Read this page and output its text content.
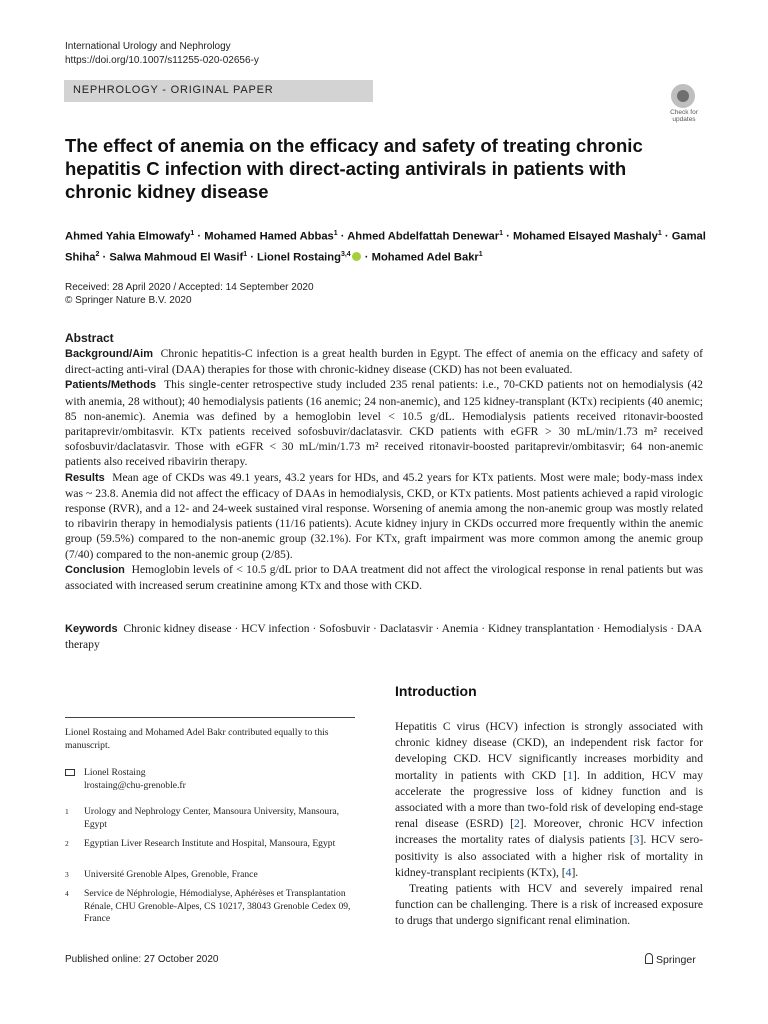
International Urology and Nephrology
https://doi.org/10.1007/s11255-020-02656-y
NEPHROLOGY - ORIGINAL PAPER
Check for
updates
The effect of anemia on the efficacy and safety of treating chronic hepatitis C infection with direct-acting antivirals in patients with chronic kidney disease
Ahmed Yahia Elmowafy$^1$ · Mohamed Hamed Abbas$^1$ · Ahmed Abdelfattah Denewar$^1$ · Mohamed Elsayed Mashaly$^1$ · Gamal Shiha$^2$ · Salwa Mahmoud El Wasif$^1$ · Lionel Rostaing$^{3,4}$ · Mohamed Adel Bakr$^1$
Received: 28 April 2020 / Accepted: 14 September 2020
© Springer Nature B.V. 2020
Abstract

Background/Aim Chronic hepatitis-C infection is a great health burden in Egypt. The effect of anemia on the efficacy and safety of direct-acting anti-viral (DAA) therapies for those with chronic-kidney disease (CKD) has not been evaluated.

Patients/Methods This single-center retrospective study included 235 renal patients: i.e., 70-CKD patients not on hemodialysis (42 with anemia, 28 without); 40 hemodialysis patients (16 anemic; 24 non-anemic), and 125 kidney-transplant (KTx) recipients (40 anemic; 85 non-anemic). Anemia was defined by a hemoglobin level < 10.5 g/dL. Hemodialysis patients received ritonavir-boosted paritaprevir/ombitasvir. KTx patients received sofosbuvir/daclatasvir. CKD patients with eGFR > 30 mL/min/1.73 m² received sofosbuvir/daclatasvir. Those with eGFR < 30 mL/min/1.73 m² received ritonavir-boosted paritaprevir/ombitasvir; 64 non-anemic patients also received ribavirin therapy.

Results Mean age of CKDs was 49.1 years, 43.2 years for HDs, and 45.2 years for KTx patients. Most were male; body-mass index was ~ 23.8. Anemia did not affect the efficacy of DAAs in hemodialysis, CKD, or KTx patients. Most patients achieved a rapid virologic response (RVR), and a 12- and 24-week sustained viral response. Worsening of anemia among the non-anemic group was mostly related to ribavirin therapy in hemodialysis patients (11/16 patients). Acute kidney injury in CKDs occurred more frequently within the anemic group (59.5%) compared to the non-anemic group (32.1%). For KTx, graft impairment was more common among the anemic group (7/40) compared to the non-anemic group (2/85).

Conclusion Hemoglobin levels of < 10.5 g/dL prior to DAA treatment did not affect the virological response in renal patients but was associated with increased serum creatinine among KTx and those with CKD.

Keywords Chronic kidney disease · HCV infection · Sofosbuvir · Daclatasvir · Anemia · Kidney transplantation · Hemodialysis · DAA therapy
Lionel Rostaing and Mohamed Adel Bakr contributed equally to this manuscript.
Lionel Rostaing
lrostaing@chu-grenoble.fr
1 Urology and Nephrology Center, Mansoura University, Mansoura, Egypt
2 Egyptian Liver Research Institute and Hospital, Mansoura, Egypt
3 Université Grenoble Alpes, Grenoble, France
4 Service de Néphrologie, Hémodialyse, Aphérèses et Transplantation Rénale, CHU Grenoble-Alpes, CS 10217, 38043 Grenoble Cedex 09, France
Introduction

Hepatitis C virus (HCV) infection is strongly associated with chronic kidney disease (CKD), an independent risk factor for developing CKD. HCV significantly increases morbidity and mortality in patients with CKD [1]. In addition, HCV may accelerate the progressive loss of kidney function and is associated with a more than two-fold risk of developing end-stage renal disease (ESRD) [2]. Moreover, chronic HCV infection increases the mortality rates of dialysis patients [3]. HCV sero-positivity is also associated with a higher risk of mortality in kidney-transplant recipients (KTx), [4].

Treating patients with HCV and severely impaired renal function can be challenging. There is a risk of increased exposure to drugs that undergo significant renal elimination.

Published online: 27 October 2020	Springer
